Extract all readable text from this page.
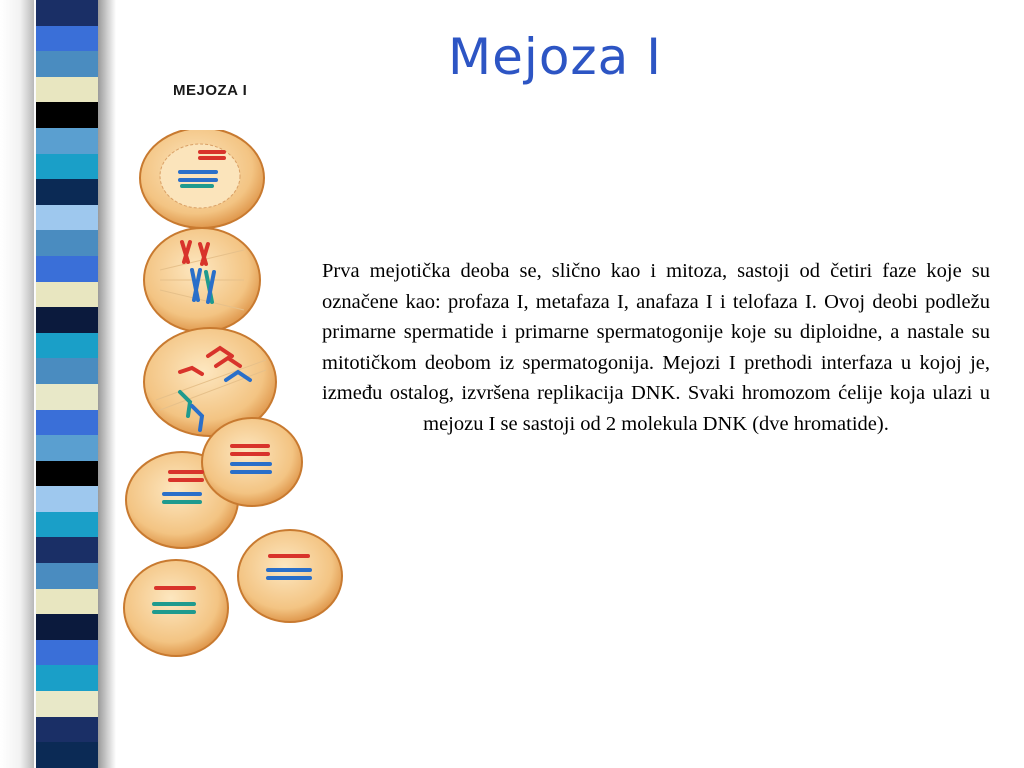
Mejoza I

MEJOZA I

Prva mejotička deoba se, slično kao i mitoza, sastoji od četiri faze koje su označene kao: profaza I, metafaza I, anafaza I i telofaza I. Ovoj deobi podležu primarne spermatide i primarne spermatogonije koje su diploidne, a nastale su mitotičkom deobom iz spermatogonija. Mejozi I prethodi interfaza u kojoj je, između ostalog, izvršena replikacija DNK. Svaki hromozom ćelije koja ulazi u mejozu I se sastoji od 2 molekula DNK (dve hromatide).
